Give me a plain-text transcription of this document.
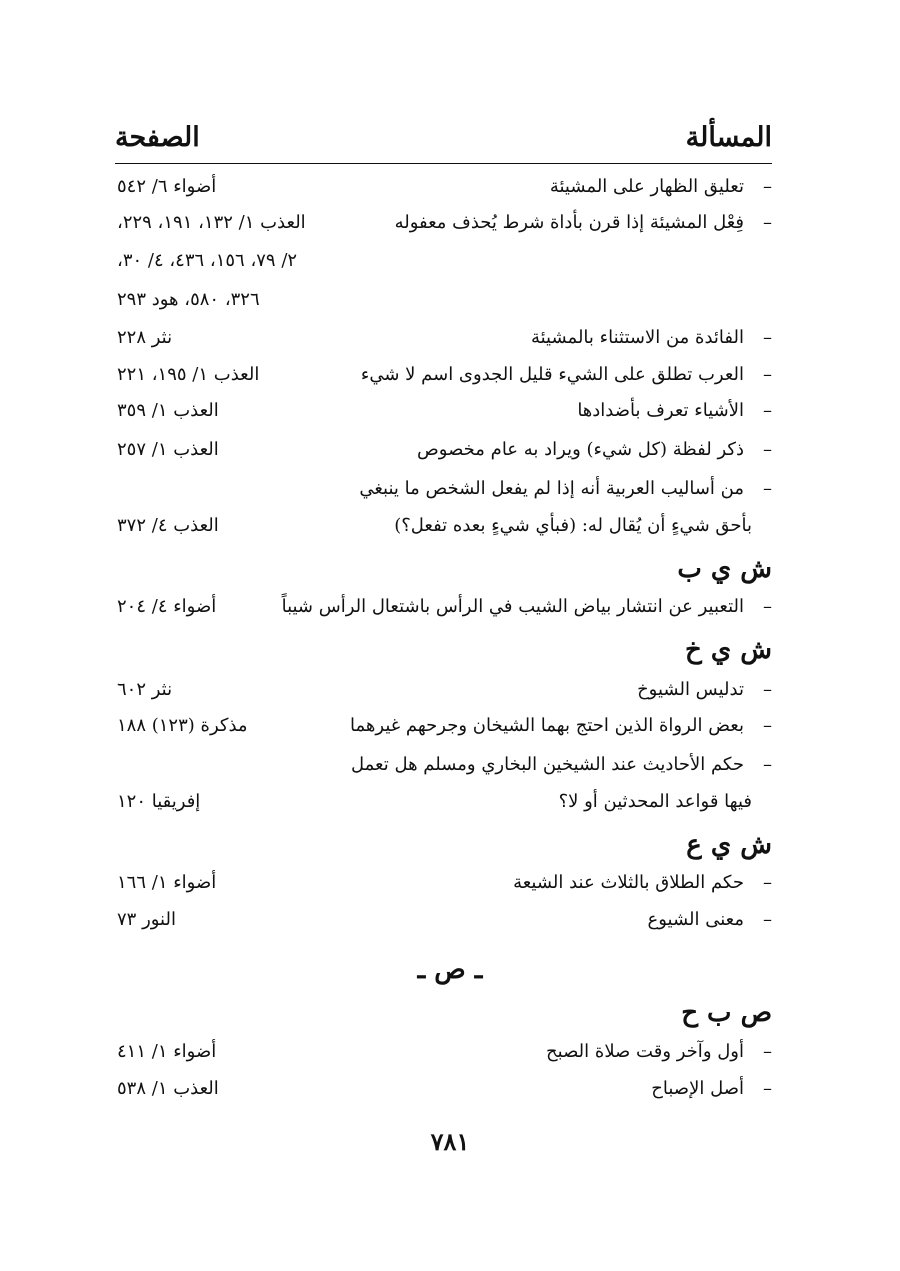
المسألة
الصفحة
–
تعليق الظهار على المشيئة
أضواء ٦/ ٥٤٢
–
فِعْل المشيئة إذا قرن بأداة شرط يُحذف معفوله
العذب ١/ ١٣٢، ١٩١، ٢٢٩،
٢/ ٧٩، ١٥٦، ٤٣٦، ٤/ ٣٠،
٣٢٦، ٥٨٠، هود ٢٩٣
–
الفائدة من الاستثناء بالمشيئة
نثر ٢٢٨
–
العرب تطلق على الشيء قليل الجدوى اسم لا شيء
العذب ١/ ١٩٥، ٢٢١
–
الأشياء تعرف بأضدادها
العذب ١/ ٣٥٩
–
ذكر لفظة (كل شيء) ويراد به عام مخصوص
العذب ١/ ٢٥٧
–
من أساليب العربية أنه إذا لم يفعل الشخص ما ينبغي
بأحق شيءٍ أن يُقال له: (فبأي شيءٍ بعده تفعل؟)
العذب ٤/ ٣٧٢
ش ي ب
–
التعبير عن انتشار بياض الشيب في الرأس باشتعال الرأس شيباً
أضواء ٤/ ٢٠٤
ش ي خ
–
تدليس الشيوخ
نثر ٦٠٢
–
بعض الرواة الذين احتج بهما الشيخان وجرحهم غيرهما
مذكرة (١٢٣) ١٨٨
–
حكم الأحاديث عند الشيخين البخاري ومسلم هل تعمل
فيها قواعد المحدثين أو لا؟
إفريقيا ١٢٠
ش ي ع
–
حكم الطلاق بالثلاث عند الشيعة
أضواء ١/ ١٦٦
–
معنى الشيوع
النور ٧٣
ـ ص ـ
ص ب ح
–
أول وآخر وقت صلاة الصبح
أضواء ١/ ٤١١
–
أصل الإصباح
العذب ١/ ٥٣٨
٧٨١
